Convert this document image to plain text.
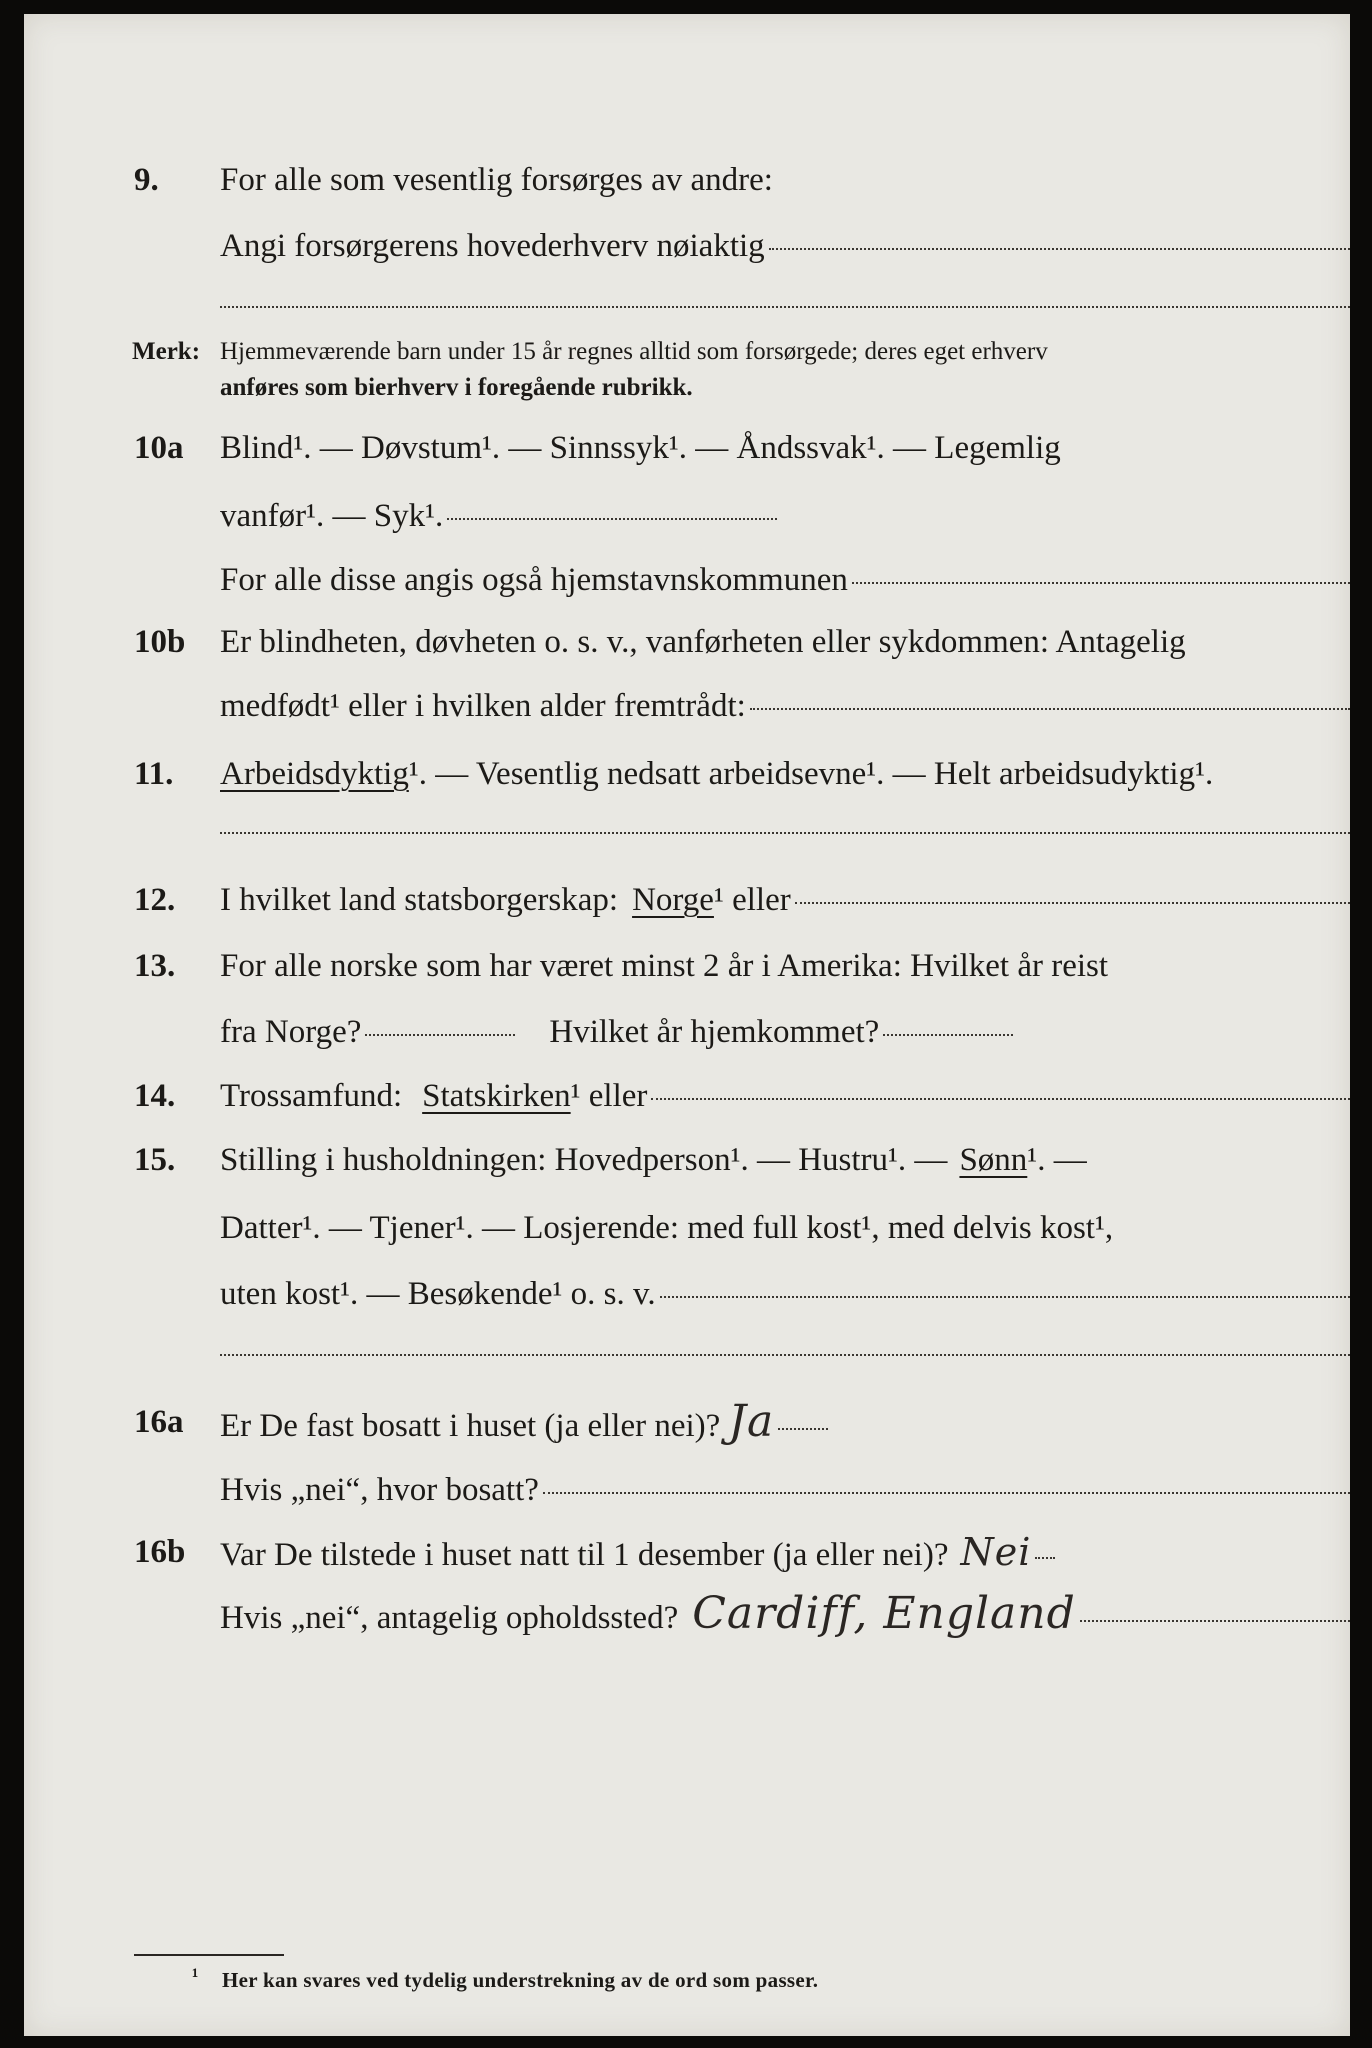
9. For alle som vesentlig forsørges av andre:
Angi forsørgerens hovederhverv nøiaktig
Merk: Hjemmeværende barn under 15 år regnes alltid som forsørgede; deres eget erhverv
anføres som bierhverv i foregående rubrikk.
10a Blind¹. — Døvstum¹. — Sinnssyk¹. — Åndssvak¹. — Legemlig
vanfør¹. — Syk¹.
For alle disse angis også hjemstavnskommunen
10b Er blindheten, døvheten o. s. v., vanførheten eller sykdommen: Antagelig
medfødt¹ eller i hvilken alder fremtrådt:
11. Arbeidsdyktig ¹. — Vesentlig nedsatt arbeidsevne¹. — Helt arbeidsudyktig¹.
12. I hvilket land statsborgerskap: Norge ¹ eller
13. For alle norske som har været minst 2 år i Amerika: Hvilket år reist
fra Norge?	Hvilket år hjemkommet?
14. Trossamfund: Statskirken ¹ eller
15. Stilling i husholdningen: Hovedperson¹. — Hustru¹. — Sønn ¹. —
Datter¹. — Tjener¹. — Losjerende: med full kost¹, med delvis kost¹,
uten kost¹. — Besøkende¹ o. s. v.
16a Er De fast bosatt i huset (ja eller nei)? Ja
Hvis „nei“, hvor bosatt?
16b Var De tilstede i huset natt til 1 desember (ja eller nei)? Nei
Hvis „nei“, antagelig opholdssted? Cardiff, England
¹ Her kan svares ved tydelig understrekning av de ord som passer.
